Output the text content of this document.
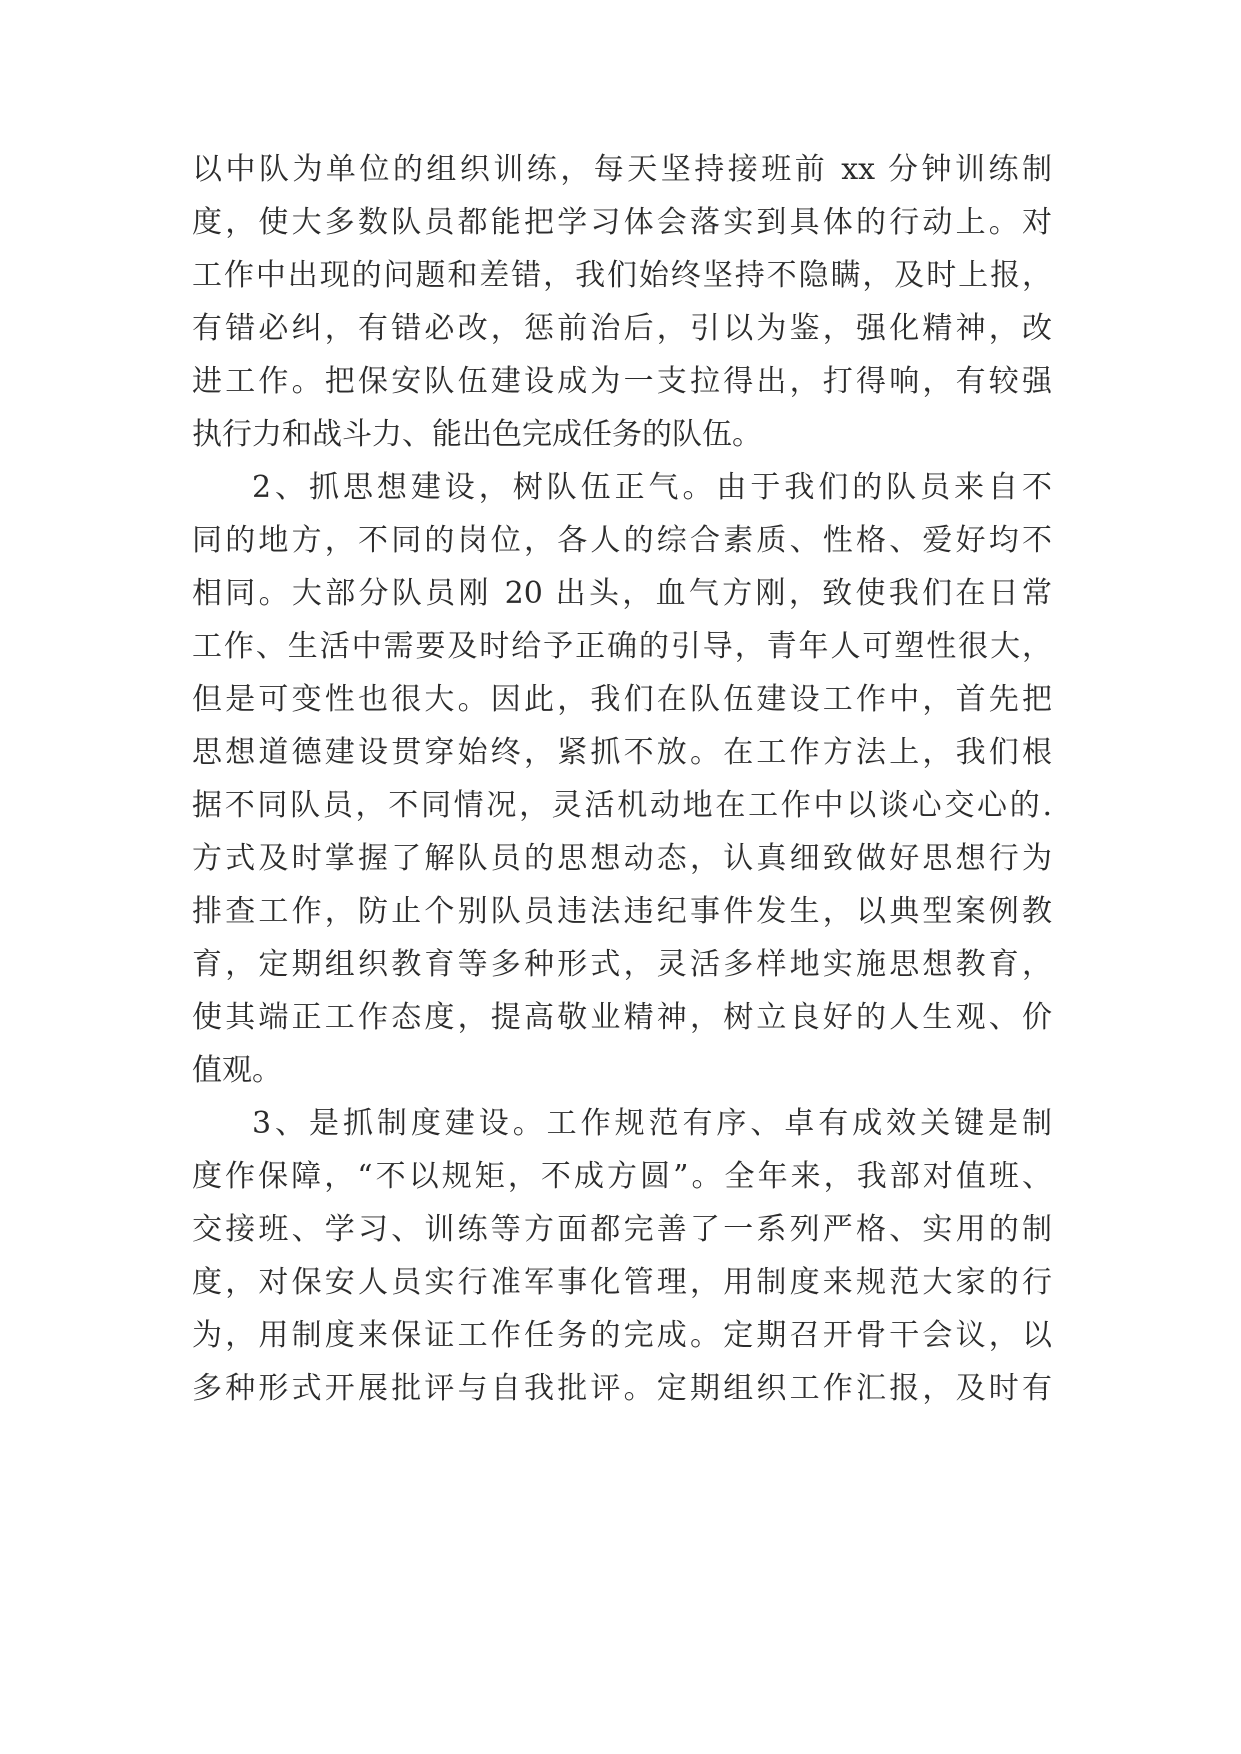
以中队为单位的组织训练，每天坚持接班前 xx 分钟训练制
度，使大多数队员都能把学习体会落实到具体的行动上。对
工作中出现的问题和差错，我们始终坚持不隐瞒，及时上报，
有错必纠，有错必改，惩前治后，引以为鉴，强化精神，改
进工作。把保安队伍建设成为一支拉得出，打得响，有较强
执行力和战斗力、能出色完成任务的队伍。
2、抓思想建设，树队伍正气。由于我们的队员来自不
同的地方，不同的岗位，各人的综合素质、性格、爱好均不
相同。大部分队员刚 20 出头，血气方刚，致使我们在日常
工作、生活中需要及时给予正确的引导，青年人可塑性很大，
但是可变性也很大。因此，我们在队伍建设工作中，首先把
思想道德建设贯穿始终，紧抓不放。在工作方法上，我们根
据不同队员，不同情况，灵活机动地在工作中以谈心交心的.
方式及时掌握了解队员的思想动态，认真细致做好思想行为
排查工作，防止个别队员违法违纪事件发生，以典型案例教
育，定期组织教育等多种形式，灵活多样地实施思想教育，
使其端正工作态度，提高敬业精神，树立良好的人生观、价
值观。
3、是抓制度建设。工作规范有序、卓有成效关键是制
度作保障，“不以规矩，不成方圆”。全年来，我部对值班、
交接班、学习、训练等方面都完善了一系列严格、实用的制
度，对保安人员实行准军事化管理，用制度来规范大家的行
为，用制度来保证工作任务的完成。定期召开骨干会议，以
多种形式开展批评与自我批评。定期组织工作汇报，及时有
